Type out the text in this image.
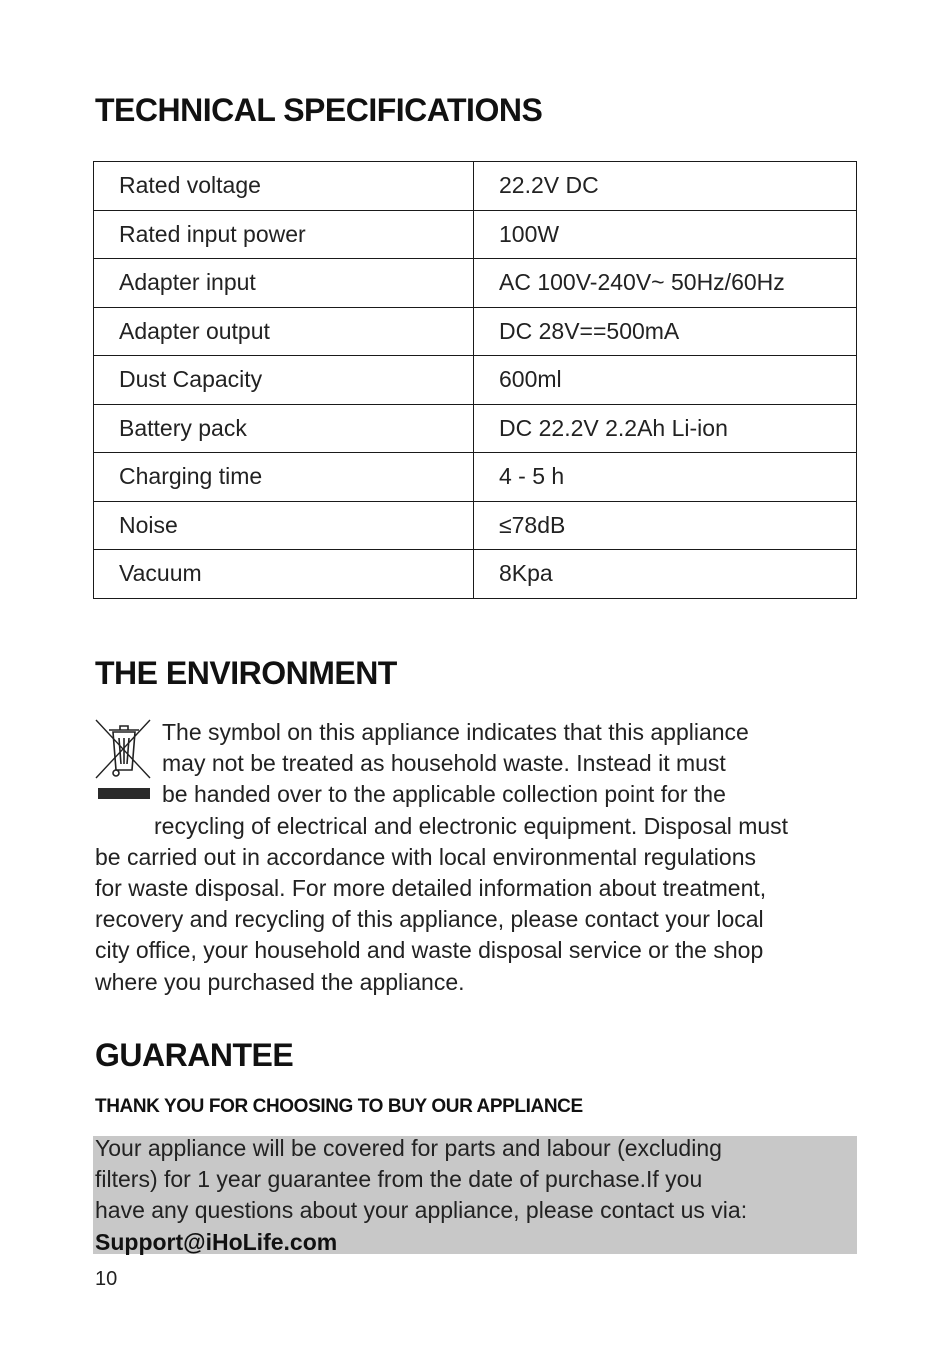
TECHNICAL SPECIFICATIONS
Rated voltage	22.2V DC
Rated input power	100W
Adapter input	AC 100V-240V~ 50Hz/60Hz
Adapter output	DC 28V==500mA
Dust Capacity	600ml
Battery pack	DC 22.2V 2.2Ah Li-ion
Charging time	4 - 5 h
Noise	≤78dB
Vacuum	8Kpa
THE ENVIRONMENT
The symbol on this appliance indicates that this appliance
may not be treated as household waste. Instead it must
be handed over to the applicable collection point for the
recycling of electrical and electronic equipment. Disposal must
be carried out in accordance with local environmental regulations
for waste disposal. For more detailed information about treatment,
recovery and recycling of this appliance, please contact your local
city office, your household and waste disposal service or the shop
where you purchased the appliance.
GUARANTEE
THANK YOU FOR CHOOSING TO BUY OUR APPLIANCE
Your appliance will be covered for parts and labour (excluding
filters) for 1 year guarantee from the date of purchase.If you
have any questions about your appliance, please contact us via:
Support@iHoLife.com
10
